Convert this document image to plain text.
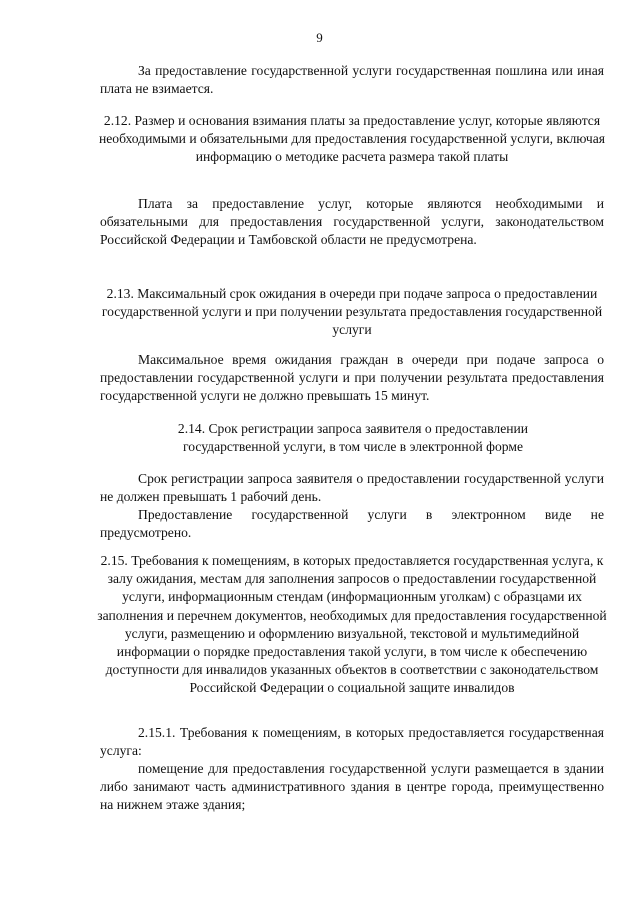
9
За предоставление государственной услуги государственная пошлина или иная плата не взимается.
2.12. Размер и основания взимания платы за предоставление услуг, которые являются необходимыми и обязательными для предоставления государственной услуги, включая информацию о методике расчета размера такой платы
Плата за предоставление услуг, которые являются необходимыми и обязательными для предоставления государственной услуги, законодательством Российской Федерации и Тамбовской области не предусмотрена.
2.13. Максимальный срок ожидания в очереди при подаче запроса о предоставлении государственной услуги и при получении результата предоставления государственной услуги
Максимальное время ожидания граждан в очереди при подаче запроса о предоставлении государственной услуги и при получении результата предоставления государственной услуги не должно превышать 15 минут.
2.14. Срок регистрации запроса заявителя о предоставлении государственной услуги, в том числе в электронной форме
Срок регистрации запроса заявителя о предоставлении государственной услуги не должен превышать 1 рабочий день.
Предоставление государственной услуги в электронном виде не предусмотрено.
2.15. Требования к помещениям, в которых предоставляется государственная услуга, к залу ожидания, местам для заполнения запросов о предоставлении государственной услуги, информационным стендам (информационным уголкам) с образцами их заполнения и перечнем документов, необходимых для предоставления государственной услуги, размещению и оформлению визуальной, текстовой и мультимедийной информации о порядке предоставления такой услуги, в том числе к обеспечению доступности для инвалидов указанных объектов в соответствии с законодательством Российской Федерации о социальной защите инвалидов
2.15.1. Требования к помещениям, в которых предоставляется государственная услуга:
помещение для предоставления государственной услуги размещается в здании либо занимают часть административного здания в центре города, преимущественно на нижнем этаже здания;
